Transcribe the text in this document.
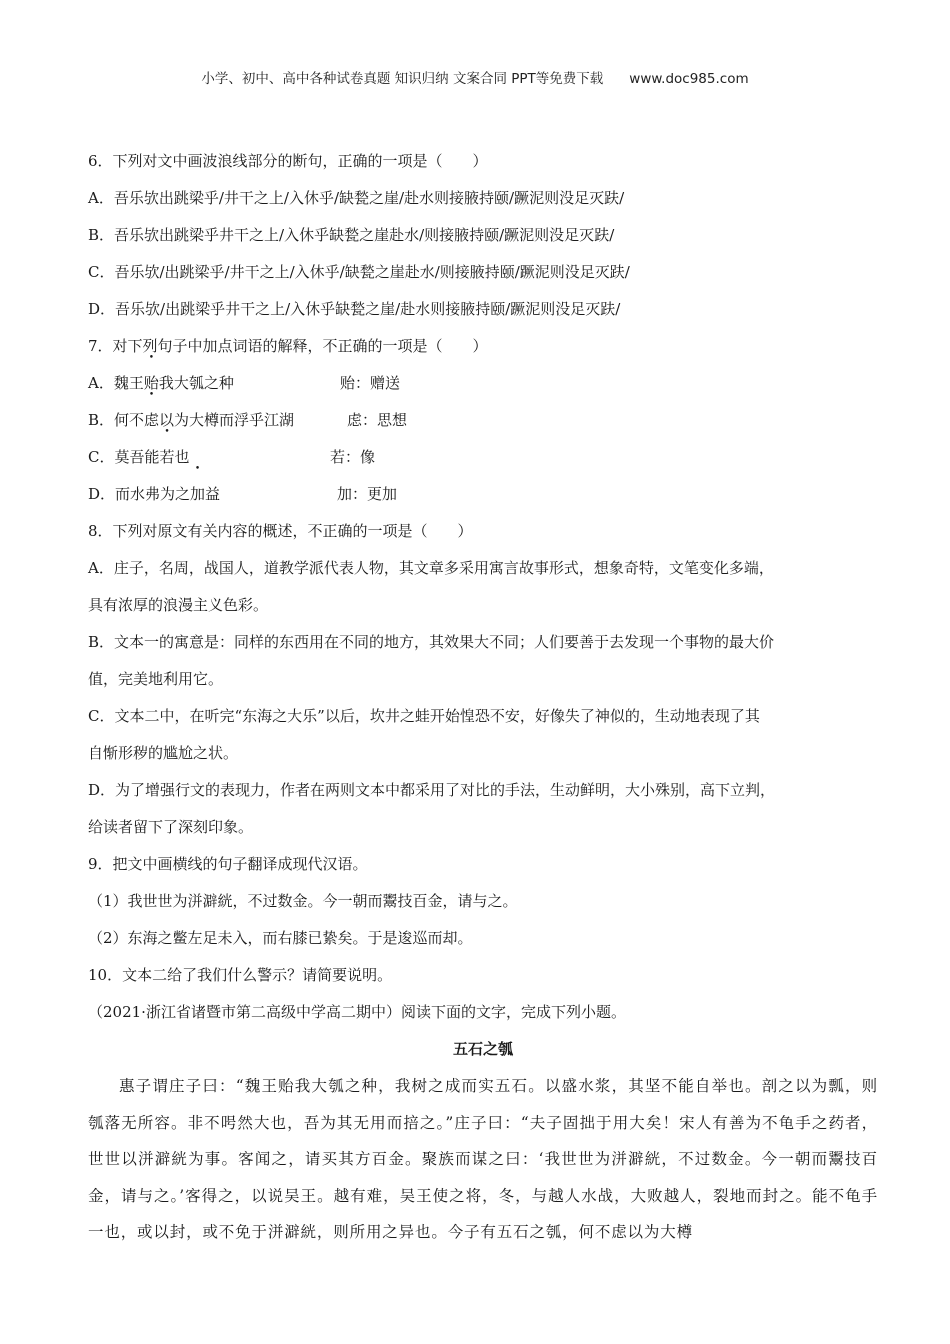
小学、初中、高中各种试卷真题 知识归纳 文案合同 PPT等免费下载 www.doc985.com
6．下列对文中画波浪线部分的断句，正确的一项是（　　）
A．吾乐欤出跳梁乎/井干之上/入休乎/缺甃之崖/赴水则接腋持颐/蹶泥则没足灭趺/
B．吾乐欤出跳梁乎井干之上/入休乎缺甃之崖赴水/则接腋持颐/蹶泥则没足灭趺/
C．吾乐欤/出跳梁乎/井干之上/入休乎/缺甃之崖赴水/则接腋持颐/蹶泥则没足灭趺/
D．吾乐欤/出跳梁乎井干之上/入休乎缺甃之崖/赴水则接腋持颐/蹶泥则没足灭趺/
7．对下列句子中加点词语的解释，不正确的一项是（　　）
A．魏王贻我大瓠之种	贻：赠送
B．何不虑以为大樽而浮乎江湖	虑：思想
C．莫吾能若也	若：像
D．而水弗为之加益	加：更加
8．下列对原文有关内容的概述，不正确的一项是（　　）
A．庄子，名周，战国人，道教学派代表人物，其文章多采用寓言故事形式，想象奇特，文笔变化多端，
具有浓厚的浪漫主义色彩。
B．文本一的寓意是：同样的东西用在不同的地方，其效果大不同；人们要善于去发现一个事物的最大价
值，完美地利用它。
C．文本二中，在听完“东海之大乐”以后，坎井之蛙开始惶恐不安，好像失了神似的，生动地表现了其
自惭形秽的尴尬之状。
D．为了增强行文的表现力，作者在两则文本中都采用了对比的手法，生动鲜明，大小殊别，高下立判，
给读者留下了深刻印象。
9．把文中画横线的句子翻译成现代汉语。
（1）我世世为洴澼絖，不过数金。今一朝而鬻技百金，请与之。
（2）东海之鳖左足未入，而右膝已絷矣。于是逡巡而却。
10．文本二给了我们什么警示？请简要说明。
（2021·浙江省诸暨市第二高级中学高二期中）阅读下面的文字，完成下列小题。
五石之瓠
惠子谓庄子曰：“魏王贻我大瓠之种，我树之成而实五石。以盛水浆，其坚不能自举也。剖之以为瓢，则瓠落无所容。非不呺然大也，吾为其无用而掊之。”庄子曰：“夫子固拙于用大矣！宋人有善为不龟手之药者，世世以洴澼絖为事。客闻之，请买其方百金。聚族而谋之曰：‘我世世为洴澼絖，不过数金。今一朝而鬻技百金，请与之。’客得之，以说吴王。越有难，吴王使之将，冬，与越人水战，大败越人，裂地而封之。能不龟手一也，或以封，或不免于洴澼絖，则所用之异也。今子有五石之瓠，何不虑以为大樽
